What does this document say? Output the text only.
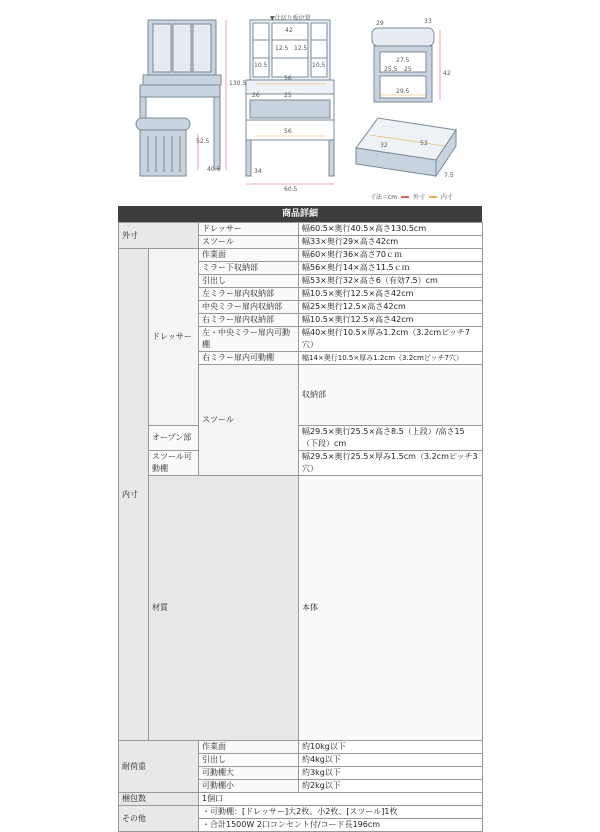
130.5
40.5
52.5
▼仕切り板位置
42
12.5 12.5
10.5	10.5
56
26
56
34
60.5
25
29	33
42
27.5
25.5 25
29.5
32	53
7.5
寸法＝cm	外寸	内寸
商品詳細
外寸		ドレッサー	幅60.5×奥行40.5×高さ130.5cm	
		スツール	幅33×奥行29×高さ42cm	
内寸	ドレッサー	作業面	幅60×奥行36×高さ70ｃｍ	
		ミラー下収納部	幅56×奥行14×高さ11.5ｃｍ	
		引出し	幅53×奥行32×高さ6（有効7.5）cm	
		左ミラー扉内収納部	幅10.5×奥行12.5×高さ42cm	
		中央ミラー扉内収納部	幅25×奥行12.5×高さ42cm	
		右ミラー扉内収納部	幅10.5×奥行12.5×高さ42cm	
		左・中央ミラー扉内可動棚	幅40×奥行10.5×厚み1.2cm（3.2cmピッチ7穴）	
		右ミラー扉内可動棚	幅14×奥行10.5×厚み1.2cm（3.2cmピッチ7穴）	
		スツール	収納部	
	オープン部		幅29.5×奥行25.5×高さ8.5（上段）/高さ15（下段）cm	
	スツール可動棚		幅29.5×奥行25.5×厚み1.5cm（3.2cmピッチ3穴）	
	材質		本体	
耐荷重		作業面	約10kg以下	
		引出し	約4kg以下	
		可動棚大	約3kg以下	
		可動棚小	約2kg以下	
梱包数		1個口		
その他		・可動棚：[ドレッサー]大2枚、小2枚、[スツール]1枚		
		・合計1500W 2口コンセント付/コード長196cm		
